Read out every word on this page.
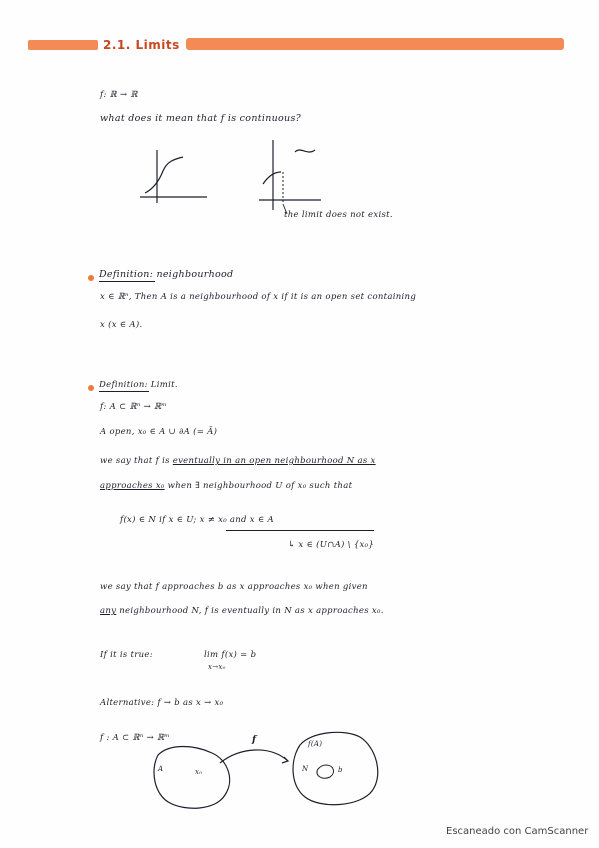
2.1. Limits
f: ℝ → ℝ
what does it mean that f is continuous?
the limit does not exist.
Definition: neighbourhood
x ∈ ℝⁿ, Then A is a neighbourhood of x if it is an open set containing
x (x ∈ A).
Definition: Limit.
f: A ⊂ ℝⁿ → ℝᵐ
A open, x₀ ∈ A ∪ ∂A (= Ā)
we say that f is eventually in an open neighbourhood N as x
approaches x₀ when ∃ neighbourhood U of x₀ such that
f(x) ∈ N if x ∈ U; x ≠ x₀ and x ∈ A
↳ x ∈ (U∩A) \ {x₀}
we say that f approaches b as x approaches x₀ when given
any neighbourhood N, f is eventually in N as x approaches x₀.
If it is true:	lim f(x) = b
x→x₀
Alternative: f → b as x → x₀
f : A ⊂ ℝⁿ → ℝᵐ
A	x₀
f	f(A)
N	b
Escaneado con CamScanner
